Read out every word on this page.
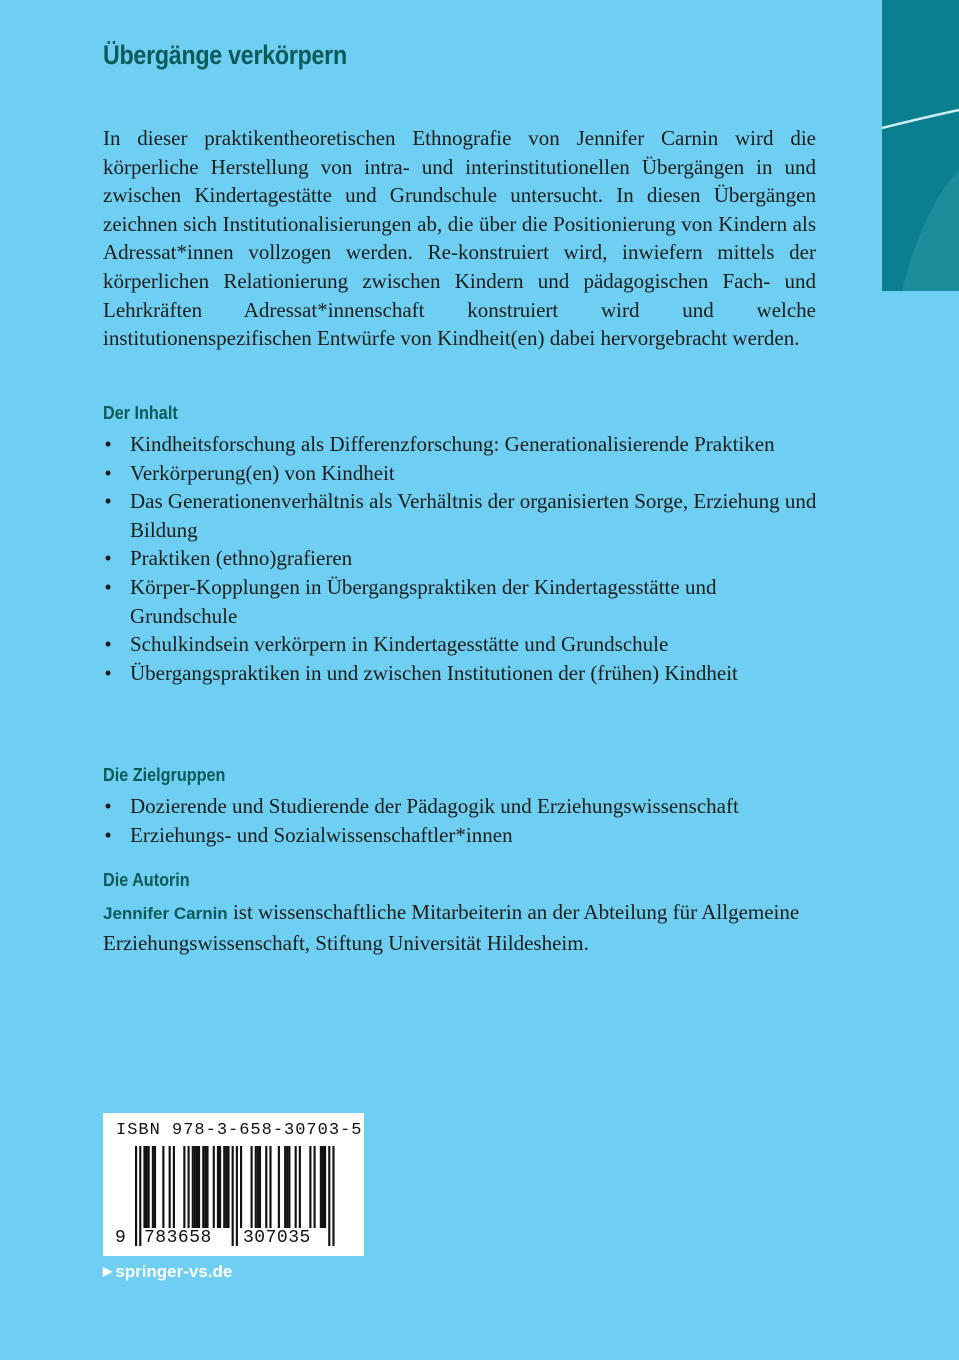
Übergänge verkörpern

In dieser praktikentheoretischen Ethnografie von Jennifer Carnin wird die körperliche Herstellung von intra- und interinstitutionellen Übergängen in und zwischen Kindertagestätte und Grundschule untersucht. In diesen Übergängen zeichnen sich Institutionalisierungen ab, die über die Positionierung von Kindern als Adressat*innen vollzogen werden. Re-konstruiert wird, inwiefern mittels der körperlichen Relationierung zwischen Kindern und pädagogischen Fach- und Lehrkräften Adressat*innenschaft konstruiert wird und welche institutionenspezifischen Entwürfe von Kindheit(en) dabei hervorgebracht werden.

Der Inhalt
• Kindheitsforschung als Differenzforschung: Generationalisierende Praktiken
• Verkörperung(en) von Kindheit
• Das Generationenverhältnis als Verhältnis der organisierten Sorge, Erziehung und Bildung
• Praktiken (ethno)grafieren
• Körper-Kopplungen in Übergangspraktiken der Kindertagesstätte und Grundschule
• Schulkindsein verkörpern in Kindertagesstätte und Grundschule
• Übergangspraktiken in und zwischen Institutionen der (frühen) Kindheit
Die Zielgruppen
• Dozierende und Studierende der Pädagogik und Erziehungswissenschaft
• Erziehungs- und Sozialwissenschaftler*innen
Die Autorin

Jennifer Carnin ist wissenschaftliche Mitarbeiterin an der Abteilung für Allgemeine Erziehungswissenschaft, Stiftung Universität Hildesheim.

ISBN 978-3-658-30703-5
9 783658 307035
▶ springer-vs.de
